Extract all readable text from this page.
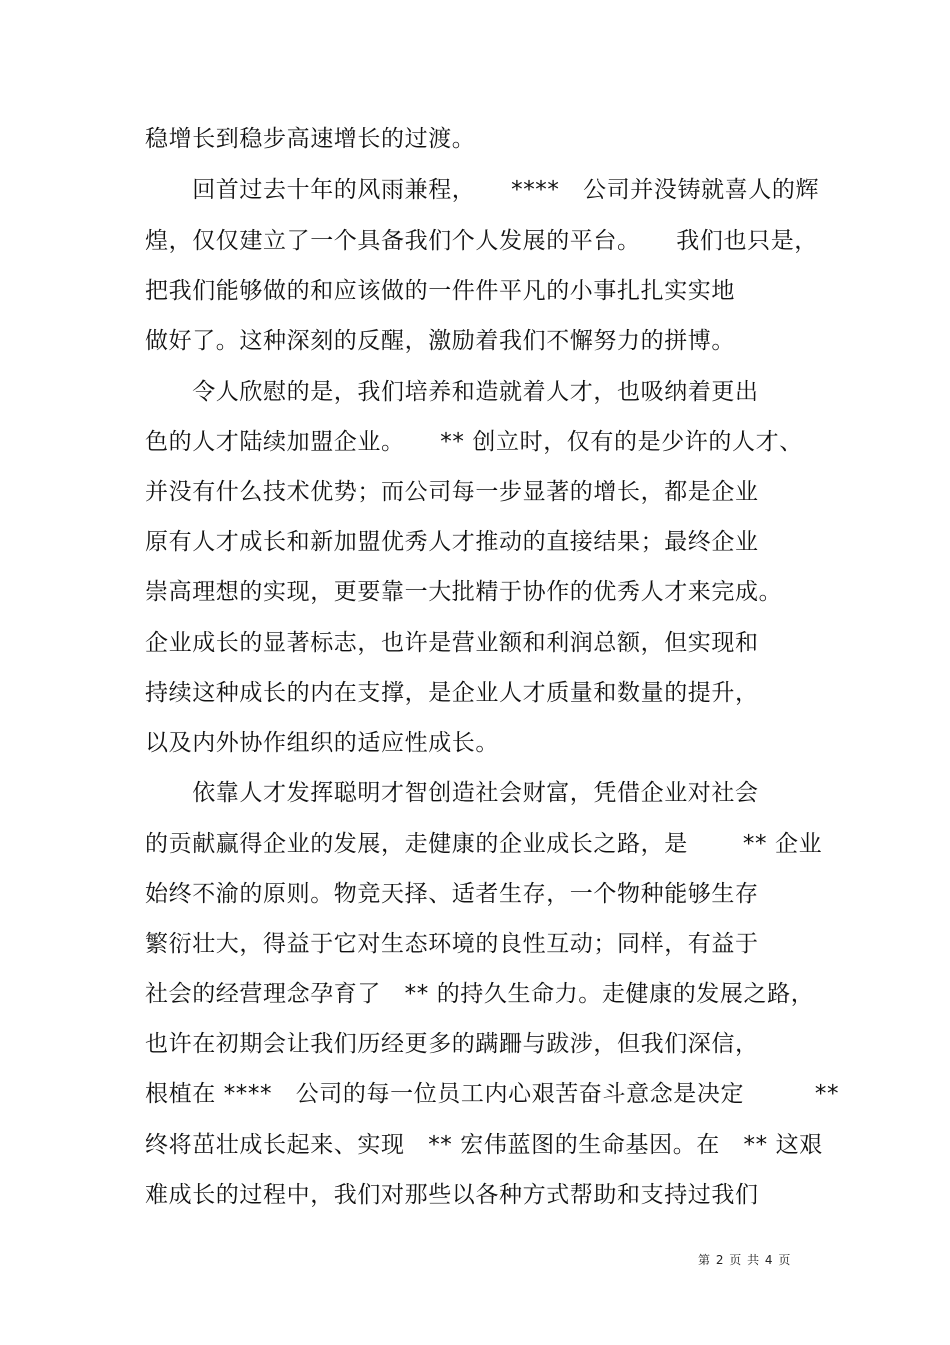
稳增长到稳步高速增长的过渡。
　　回首过去十年的风雨兼程，　　****　公司并没铸就喜人的辉
煌，仅仅建立了一个具备我们个人发展的平台。　　我们也只是，
把我们能够做的和应该做的一件件平凡的小事扎扎实实地
做好了。这种深刻的反醒，激励着我们不懈努力的拼博。
　　令人欣慰的是，我们培养和造就着人才，也吸纳着更出
色的人才陆续加盟企业。　　** 创立时，仅有的是少许的人才、
并没有什么技术优势；而公司每一步显著的增长，都是企业
原有人才成长和新加盟优秀人才推动的直接结果；最终企业
崇高理想的实现，更要靠一大批精于协作的优秀人才来完成。
企业成长的显著标志，也许是营业额和利润总额，但实现和
持续这种成长的内在支撑，是企业人才质量和数量的提升，
以及内外协作组织的适应性成长。
　　依靠人才发挥聪明才智创造社会财富，凭借企业对社会
的贡献赢得企业的发展，走健康的企业成长之路，是　　 ** 企业
始终不渝的原则。物竞天择、适者生存，一个物种能够生存
繁衍壮大，得益于它对生态环境的良性互动；同样，有益于
社会的经营理念孕育了　** 的持久生命力。走健康的发展之路，
也许在初期会让我们历经更多的蹒跚与跋涉，但我们深信，
根植在 ****　公司的每一位员工内心艰苦奋斗意念是决定　　　**
终将茁壮成长起来、实现　** 宏伟蓝图的生命基因。在　** 这艰
难成长的过程中，我们对那些以各种方式帮助和支持过我们
第 2 页 共 4 页
